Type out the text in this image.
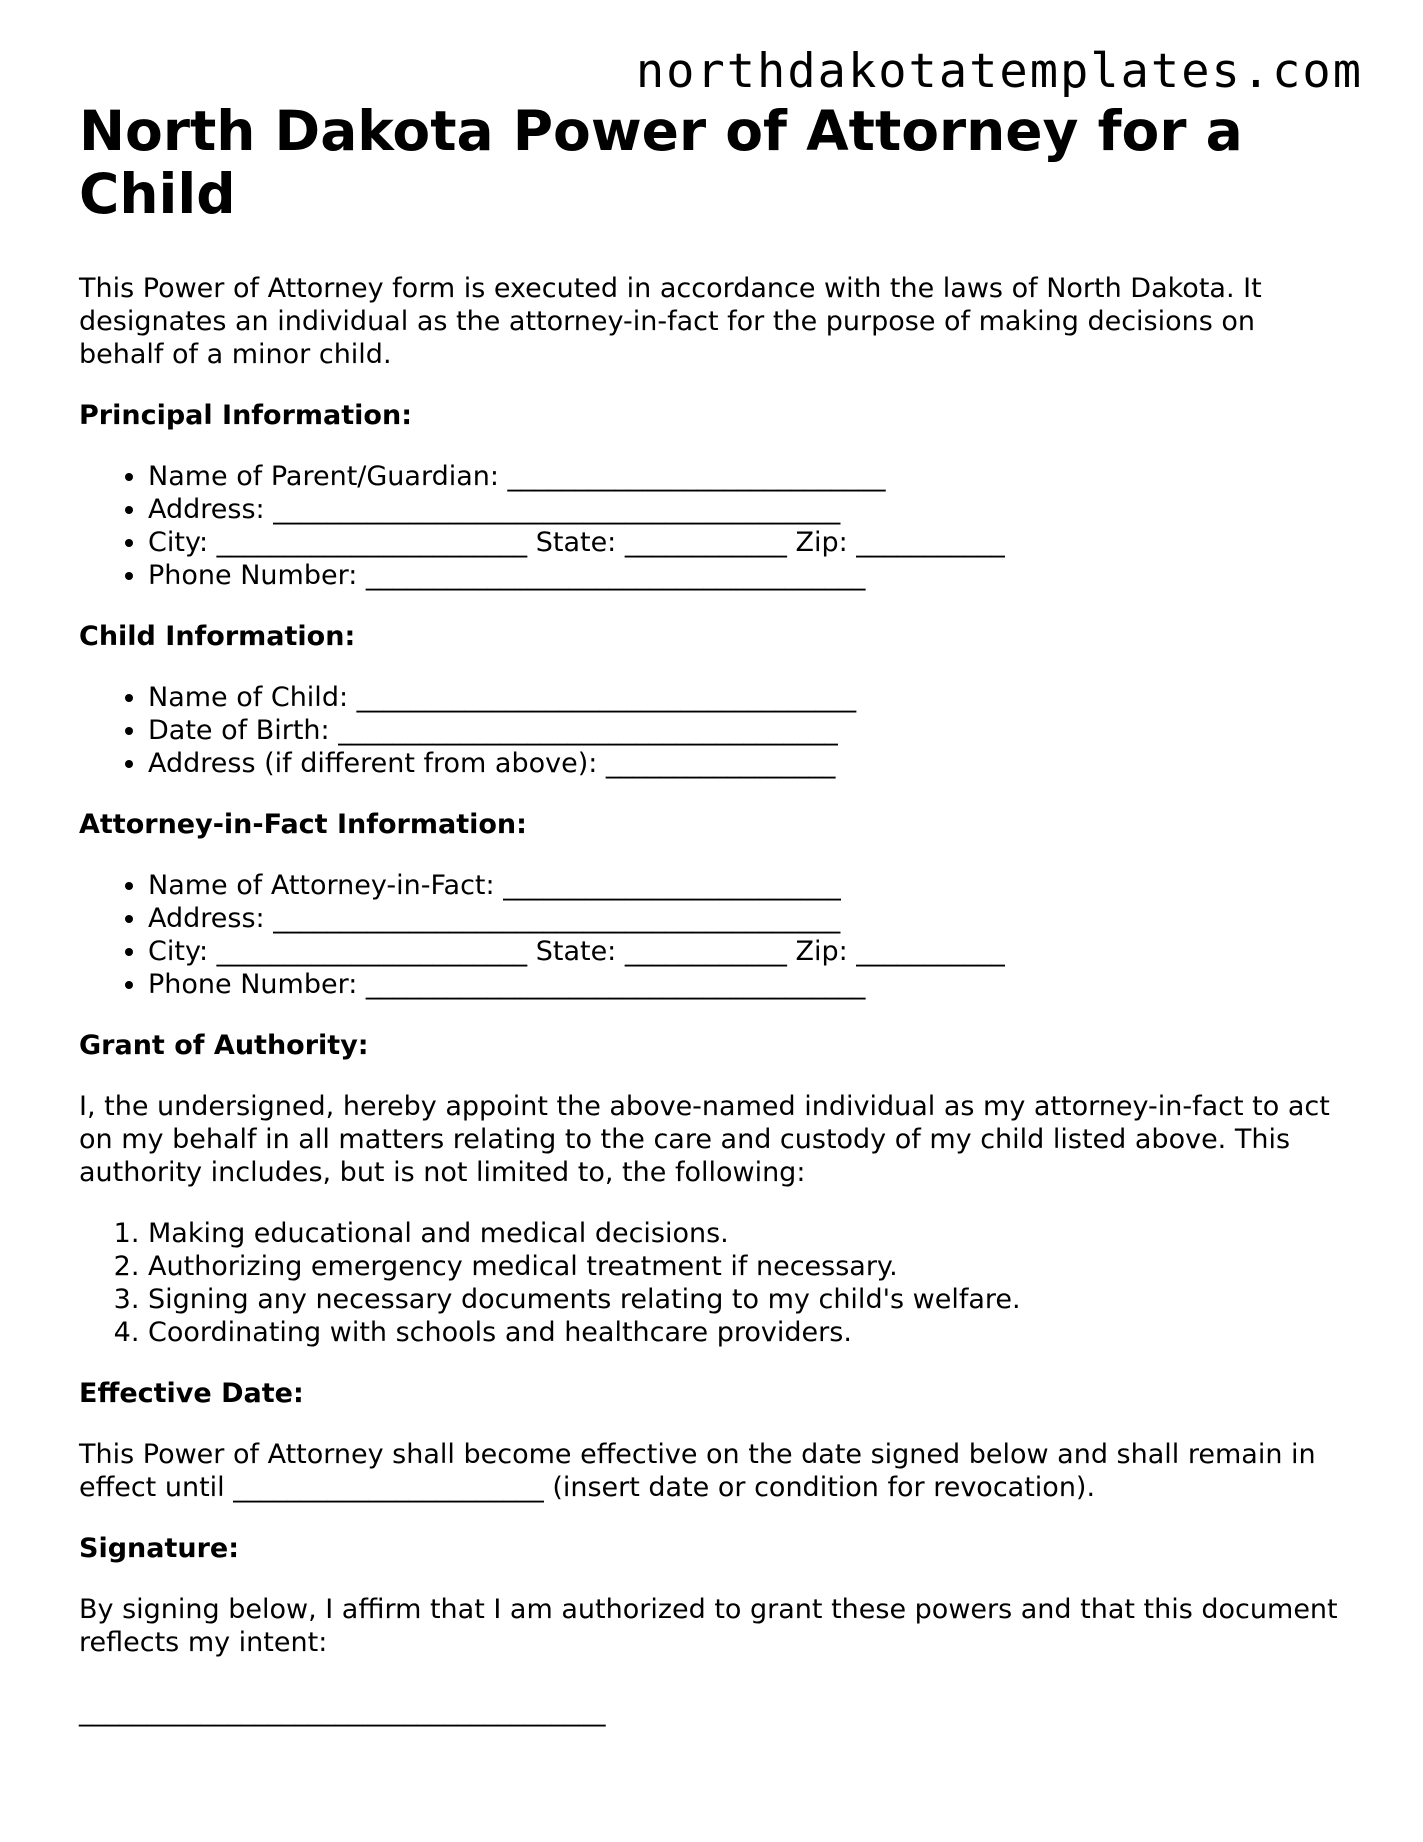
northdakotatemplates.com
North Dakota Power of Attorney for a Child

This Power of Attorney form is executed in accordance with the laws of North Dakota. It designates an individual as the attorney-in-fact for the purpose of making decisions on behalf of a minor child.

Principal Information:
• Name of Parent/Guardian: ____________________________
• Address: __________________________________________
• City: _______________________ State: ____________ Zip: ___________
• Phone Number: _____________________________________
Child Information:
• Name of Child: _____________________________________
• Date of Birth: _____________________________________
• Address (if different from above): _________________
Attorney-in-Fact Information:
• Name of Attorney-in-Fact: _________________________
• Address: __________________________________________
• City: _______________________ State: ____________ Zip: ___________
• Phone Number: _____________________________________
Grant of Authority:

I, the undersigned, hereby appoint the above-named individual as my attorney-in-fact to act on my behalf in all matters relating to the care and custody of my child listed above. This authority includes, but is not limited to, the following:

1. Making educational and medical decisions.
2. Authorizing emergency medical treatment if necessary.
3. Signing any necessary documents relating to my child's welfare.
4. Coordinating with schools and healthcare providers.
Effective Date:

This Power of Attorney shall become effective on the date signed below and shall remain in effect until _______________________ (insert date or condition for revocation).

Signature:

By signing below, I affirm that I am authorized to grant these powers and that this document reflects my intent:

_______________________________________
